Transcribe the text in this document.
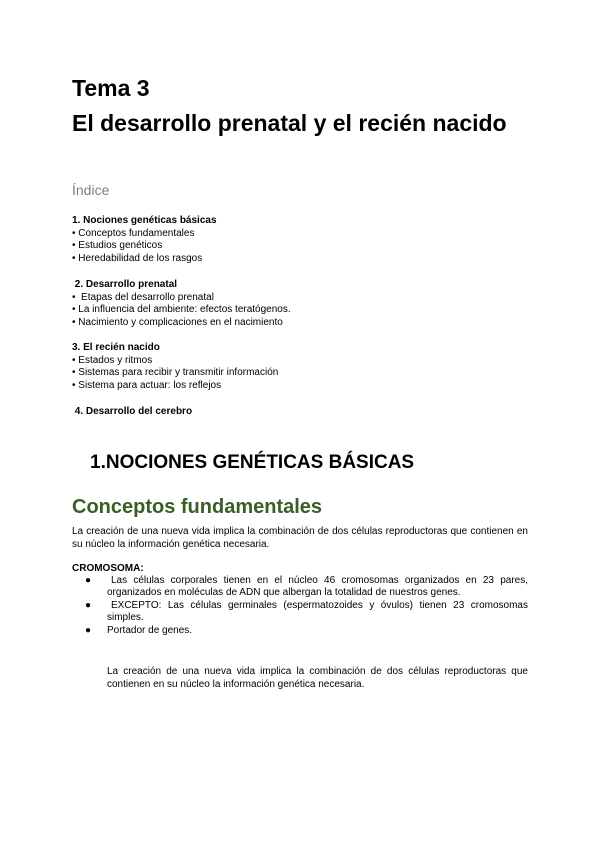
Tema 3
El desarrollo prenatal y el recién nacido
Índice
1. Nociones genéticas básicas
• Conceptos fundamentales
• Estudios genéticos
• Heredabilidad de los rasgos
2. Desarrollo prenatal
•  Etapas del desarrollo prenatal
• La influencia del ambiente: efectos teratógenos.
• Nacimiento y complicaciones en el nacimiento
3. El recién nacido
• Estados y ritmos
• Sistemas para recibir y transmitir información
• Sistema para actuar: los reflejos
4. Desarrollo del cerebro
1.NOCIONES GENÉTICAS BÁSICAS
Conceptos fundamentales

La creación de una nueva vida implica la combinación de dos células reproductoras que contienen en su núcleo la información genética necesaria.

CROMOSOMA:
● Las células corporales tienen en el núcleo 46 cromosomas organizados en 23 pares, organizados en moléculas de ADN que albergan la totalidad de nuestros genes.
● EXCEPTO: Las células germinales (espermatozoides y óvulos) tienen 23 cromosomas simples.
● Portador de genes.

La creación de una nueva vida implica la combinación de dos células reproductoras que contienen en su núcleo la información genética necesaria.
